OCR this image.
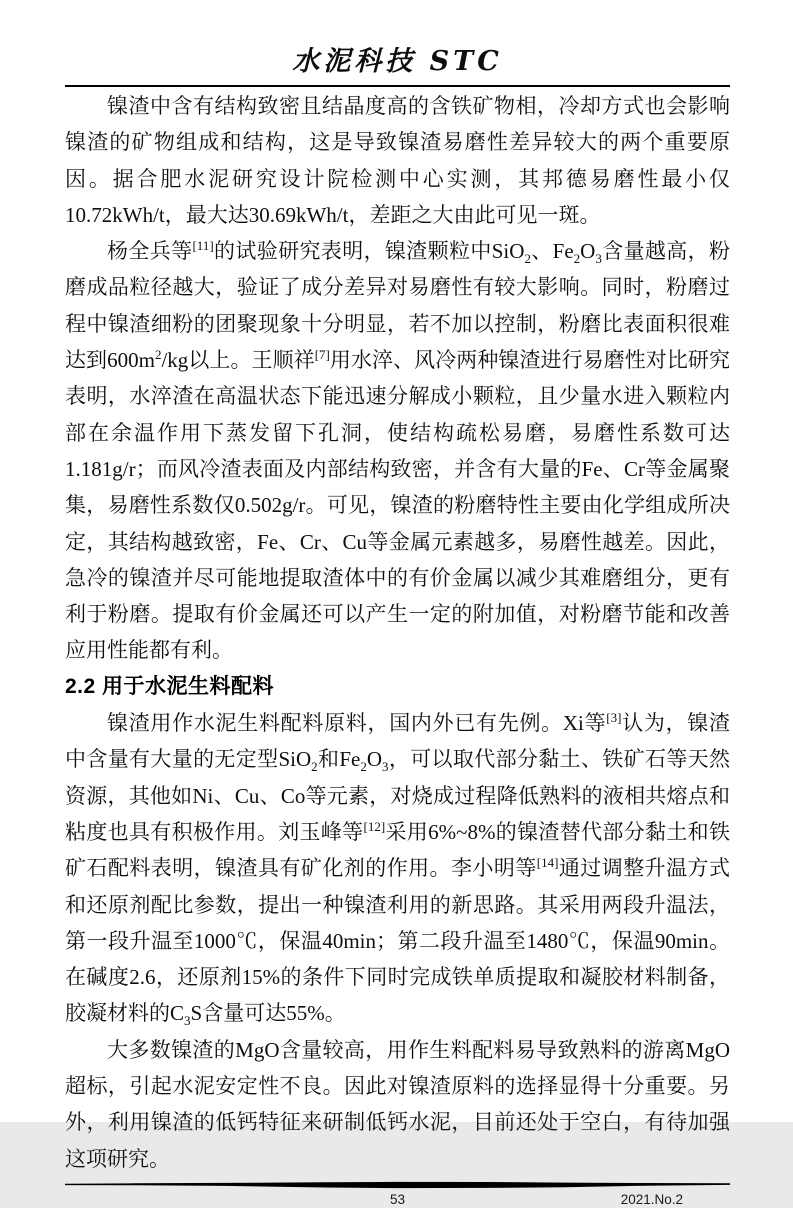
水泥科技 STC

镍渣中含有结构致密且结晶度高的含铁矿物相，冷却方式也会影响镍渣的矿物组成和结构，这是导致镍渣易磨性差异较大的两个重要原因。据合肥水泥研究设计院检测中心实测，其邦德易磨性最小仅10.72kWh/t，最大达30.69kWh/t，差距之大由此可见一斑。

杨全兵等[11]的试验研究表明，镍渣颗粒中SiO$_2$、$Fe_2O_3$含量越高，粉磨成品粒径越大，验证了成分差异对易磨性有较大影响。同时，粉磨过程中镍渣细粉的团聚现象十分明显，若不加以控制，粉磨比表面积很难达到$600m^2/kg$以上。王顺祥[7]用水淬、风冷两种镍渣进行易磨性对比研究表明，水淬渣在高温状态下能迅速分解成小颗粒，且少量水进入颗粒内部在余温作用下蒸发留下孔洞，使结构疏松易磨，易磨性系数可达1.181g/r；而风冷渣表面及内部结构致密，并含有大量的Fe、Cr等金属聚集，易磨性系数仅0.502g/r。可见，镍渣的粉磨特性主要由化学组成所决定，其结构越致密，Fe、Cr、Cu等金属元素越多，易磨性越差。因此，急冷的镍渣并尽可能地提取渣体中的有价金属以减少其难磨组分，更有利于粉磨。提取有价金属还可以产生一定的附加值，对粉磨节能和改善应用性能都有利。

2.2 用于水泥生料配料

镍渣用作水泥生料配料原料，国内外已有先例。Xi等[3]认为，镍渣中含量有大量的无定型SiO$_2$和$Fe_2O_3$，可以取代部分黏土、铁矿石等天然资源，其他如Ni、Cu、Co等元素，对烧成过程降低熟料的液相共熔点和粘度也具有积极作用。刘玉峰等[12]采用6%~8%的镍渣替代部分黏土和铁矿石配料表明，镍渣具有矿化剂的作用。李小明等[14]通过调整升温方式和还原剂配比参数，提出一种镍渣利用的新思路。其采用两段升温法，第一段升温至1000℃，保温40min；第二段升温至1480℃，保温90min。在碱度2.6，还原剂15%的条件下同时完成铁单质提取和凝胶材料制备，胶凝材料的$C_3S$含量可达55%。

大多数镍渣的MgO含量较高，用作生料配料易导致熟料的游离MgO超标，引起水泥安定性不良。因此对镍渣原料的选择显得十分重要。另外，利用镍渣的低钙特征来研制低钙水泥，目前还处于空白，有待加强这项研究。

53	2021.No.2
